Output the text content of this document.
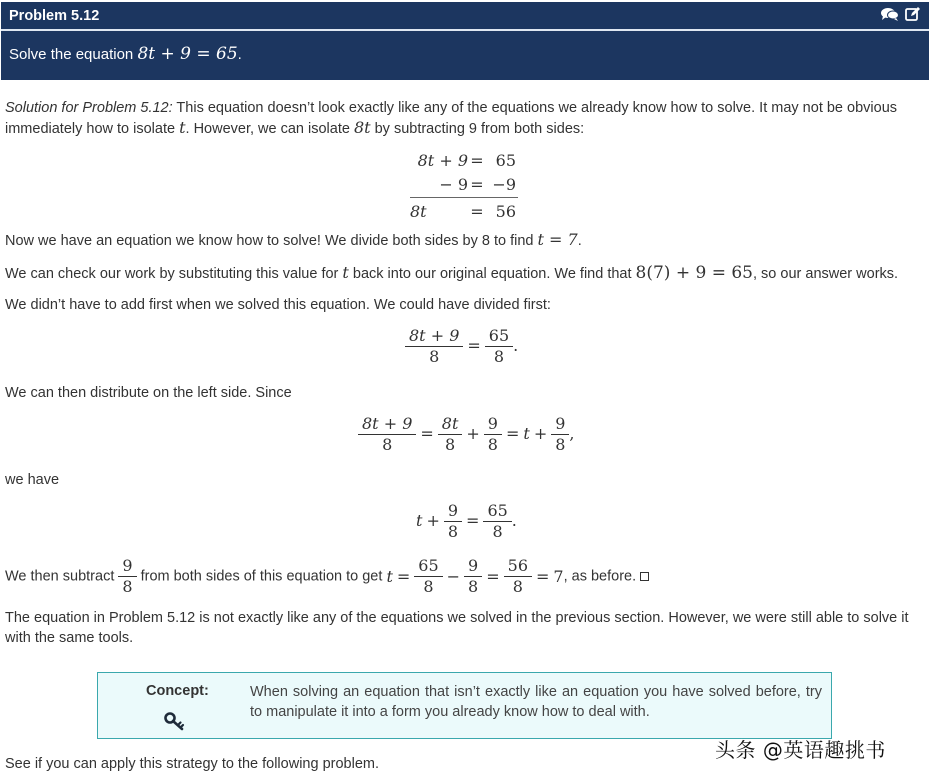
Problem 5.12
Solve the equation 8t + 9 = 65.

Solution for Problem 5.12: This equation doesn’t look exactly like any of the equations we already know how to solve. It may not be obvious immediately how to isolate t. However, we can isolate 8t by subtracting 9 from both sides:

8t + 9 = 65
− 9 = −9
8t	= 56

Now we have an equation we know how to solve! We divide both sides by 8 to find t = 7.

We can check our work by substituting this value for t back into our original equation. We find that 8(7) + 9 = 65, so our answer works.

We didn’t have to add first when we solved this equation. We could have divided first:

$\frac{8t + 9}{8} = \frac{65}{8}$ .

We can then distribute on the left side. Since

$\frac{8t + 9}{8} = \frac{8t}{8} + \frac{9}{8} = t + \frac{9}{8}$ ,

we have

$t + \frac{9}{8} = \frac{65}{8}$ .
We then subtract $\frac{9}{8}$ from both sides of this equation to get $t = \frac{65}{8} - \frac{9}{8} = \frac{56}{8} = 7$, as before.

The equation in Problem 5.12 is not exactly like any of the equations we solved in the previous section. However, we were still able to solve it with the same tools.

Concept:	When solving an equation that isn’t exactly like an equation you have solved before, try to manipulate it into a form you already know how to deal with.

See if you can apply this strategy to the following problem.

头条 @英语趣挑书
